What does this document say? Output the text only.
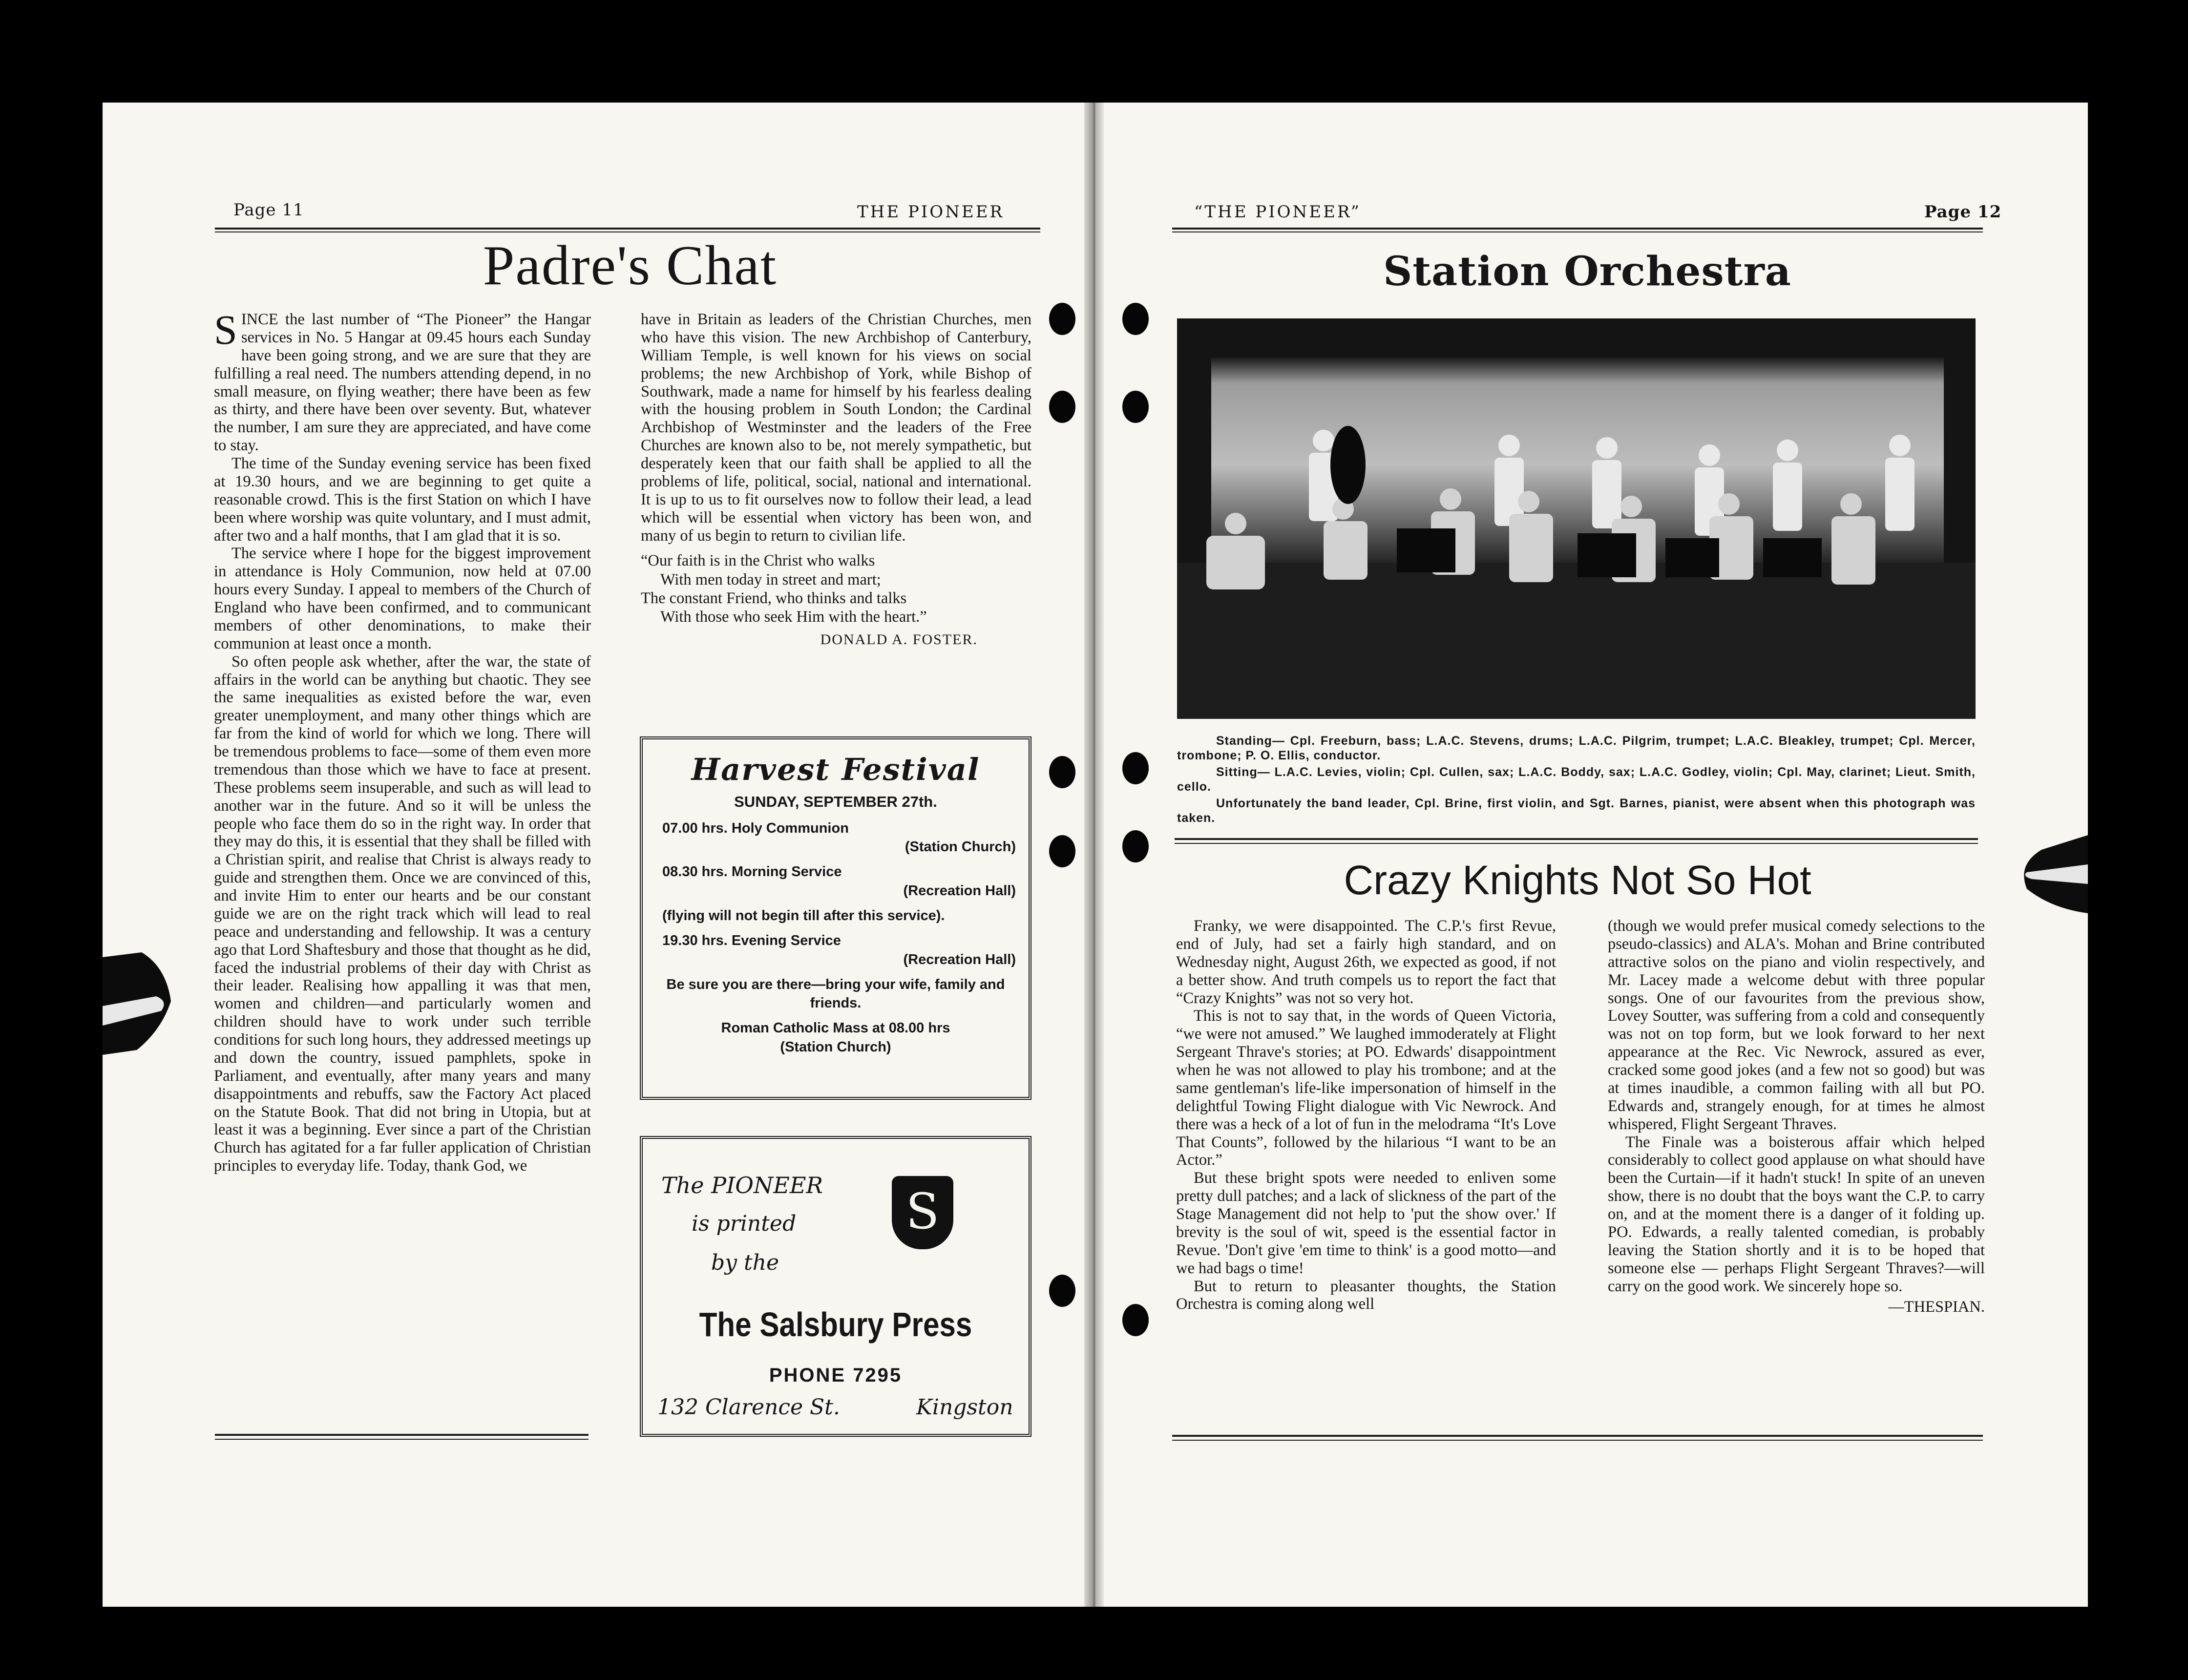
Page 11	THE PIONEER
Padre's Chat

SINCE the last number of “The Pioneer” the Hangar services in No. 5 Hangar at 09.45 hours each Sunday have been going strong, and we are sure that they are fulfilling a real need. The numbers attending depend, in no small measure, on flying weather; there have been as few as thirty, and there have been over seventy. But, whatever the number, I am sure they are appreciated, and have come to stay.

The time of the Sunday evening service has been fixed at 19.30 hours, and we are beginning to get quite a reasonable crowd. This is the first Station on which I have been where worship was quite voluntary, and I must admit, after two and a half months, that I am glad that it is so.

The service where I hope for the biggest improvement in attendance is Holy Communion, now held at 07.00 hours every Sunday. I appeal to members of the Church of England who have been confirmed, and to communicant members of other denominations, to make their communion at least once a month.

So often people ask whether, after the war, the state of affairs in the world can be anything but chaotic. They see the same inequalities as existed before the war, even greater unemployment, and many other things which are far from the kind of world for which we long. There will be tremendous problems to face—some of them even more tremendous than those which we have to face at present. These problems seem insuperable, and such as will lead to another war in the future. And so it will be unless the people who face them do so in the right way. In order that they may do this, it is essential that they shall be filled with a Christian spirit, and realise that Christ is always ready to guide and strengthen them. Once we are convinced of this, and invite Him to enter our hearts and be our constant guide we are on the right track which will lead to real peace and understanding and fellowship. It was a century ago that Lord Shaftesbury and those that thought as he did, faced the industrial problems of their day with Christ as their leader. Realising how appalling it was that men, women and children—and particularly women and children should have to work under such terrible conditions for such long hours, they addressed meetings up and down the country, issued pamphlets, spoke in Parliament, and eventually, after many years and many disappointments and rebuffs, saw the Factory Act placed on the Statute Book. That did not bring in Utopia, but at least it was a beginning. Ever since a part of the Christian Church has agitated for a far fuller application of Christian principles to everyday life. Today, thank God, we

have in Britain as leaders of the Christian Churches, men who have this vision. The new Archbishop of Canterbury, William Temple, is well known for his views on social problems; the new Archbishop of York, while Bishop of Southwark, made a name for himself by his fearless dealing with the housing problem in South London; the Cardinal Archbishop of Westminster and the leaders of the Free Churches are known also to be, not merely sympathetic, but desperately keen that our faith shall be applied to all the problems of life, political, social, national and international. It is up to us to fit ourselves now to follow their lead, a lead which will be essential when victory has been won, and many of us begin to return to civilian life.

“Our faith is in the Christ who walks
With men today in street and mart;
The constant Friend, who thinks and talks
With those who seek Him with the heart.”
DONALD A. FOSTER.
Harvest Festival
SUNDAY, SEPTEMBER 27th.
07.00 hrs. Holy Communion
(Station Church)
08.30 hrs. Morning Service
(Recreation Hall)
(flying will not begin till after this service).
19.30 hrs. Evening Service
(Recreation Hall)
Be sure you are there—bring your wife, family and friends.
Roman Catholic Mass at 08.00 hrs
(Station Church)
The PIONEER
is printed
by the
S
The Salsbury Press
PHONE 7295
132 Clarence St.	Kingston
“THE PIONEER”	Page 12
Station Orchestra

Standing— Cpl. Freeburn, bass; L.A.C. Stevens, drums; L.A.C. Pilgrim, trumpet; L.A.C. Bleakley, trumpet; Cpl. Mercer, trombone; P. O. Ellis, conductor.

Sitting— L.A.C. Levies, violin; Cpl. Cullen, sax; L.A.C. Boddy, sax; L.A.C. Godley, violin; Cpl. May, clarinet; Lieut. Smith, cello.

Unfortunately the band leader, Cpl. Brine, first violin, and Sgt. Barnes, pianist, were absent when this photograph was taken.

Crazy Knights Not So Hot

Franky, we were disappointed. The C.P.'s first Revue, end of July, had set a fairly high standard, and on Wednesday night, August 26th, we expected as good, if not a better show. And truth compels us to report the fact that “Crazy Knights” was not so very hot.

This is not to say that, in the words of Queen Victoria, “we were not amused.” We laughed immoderately at Flight Sergeant Thrave's stories; at PO. Edwards' disappointment when he was not allowed to play his trombone; and at the same gentleman's life-like impersonation of himself in the delightful Towing Flight dialogue with Vic Newrock. And there was a heck of a lot of fun in the melodrama “It's Love That Counts”, followed by the hilarious “I want to be an Actor.”

But these bright spots were needed to enliven some pretty dull patches; and a lack of slickness of the part of the Stage Management did not help to 'put the show over.' If brevity is the soul of wit, speed is the essential factor in Revue. 'Don't give 'em time to think' is a good motto—and we had bags o time!

But to return to pleasanter thoughts, the Station Orchestra is coming along well

(though we would prefer musical comedy selections to the pseudo-classics) and ALA's. Mohan and Brine contributed attractive solos on the piano and violin respectively, and Mr. Lacey made a welcome debut with three popular songs. One of our favourites from the previous show, Lovey Soutter, was suffering from a cold and consequently was not on top form, but we look forward to her next appearance at the Rec. Vic Newrock, assured as ever, cracked some good jokes (and a few not so good) but was at times inaudible, a common failing with all but PO. Edwards and, strangely enough, for at times he almost whispered, Flight Sergeant Thraves.

The Finale was a boisterous affair which helped considerably to collect good applause on what should have been the Curtain—if it hadn't stuck! In spite of an uneven show, there is no doubt that the boys want the C.P. to carry on, and at the moment there is a danger of it folding up. PO. Edwards, a really talented comedian, is probably leaving the Station shortly and it is to be hoped that someone else — perhaps Flight Sergeant Thraves?—will carry on the good work. We sincerely hope so.

—THESPIAN.
